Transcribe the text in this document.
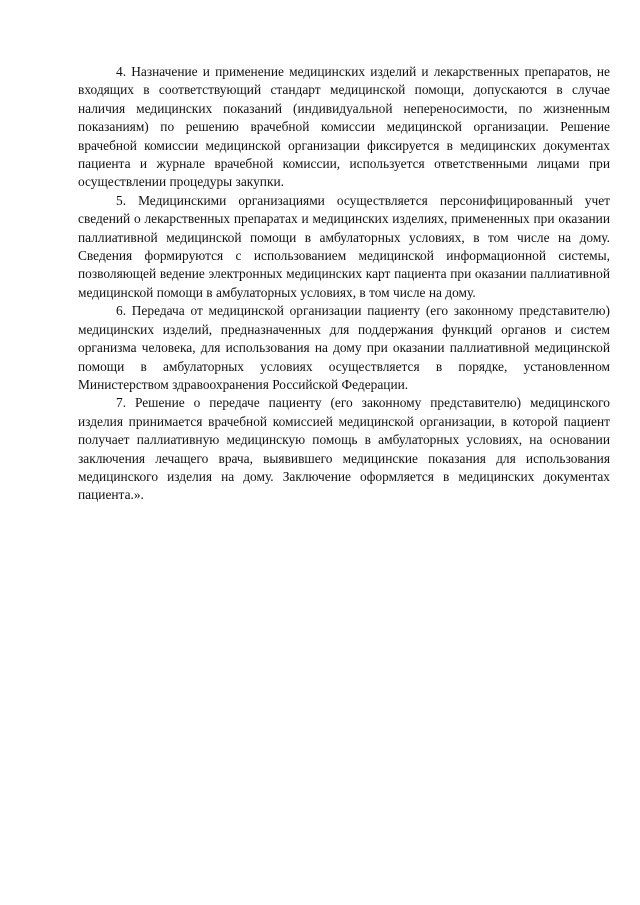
4. Назначение и применение медицинских изделий и лекарственных препаратов, не входящих в соответствующий стандарт медицинской помощи, допускаются в случае наличия медицинских показаний (индивидуальной непереносимости, по жизненным показаниям) по решению врачебной комиссии медицинской организации. Решение врачебной комиссии медицинской организации фиксируется в медицинских документах пациента и журнале врачебной комиссии, используется ответственными лицами при осуществлении процедуры закупки.

5. Медицинскими организациями осуществляется персонифицированный учет сведений о лекарственных препаратах и медицинских изделиях, примененных при оказании паллиативной медицинской помощи в амбулаторных условиях, в том числе на дому. Сведения формируются с использованием медицинской информационной системы, позволяющей ведение электронных медицинских карт пациента при оказании паллиативной медицинской помощи в амбулаторных условиях, в том числе на дому.

6. Передача от медицинской организации пациенту (его законному представителю) медицинских изделий, предназначенных для поддержания функций органов и систем организма человека, для использования на дому при оказании паллиативной медицинской помощи в амбулаторных условиях осуществляется в порядке, установленном Министерством здравоохранения Российской Федерации.

7. Решение о передаче пациенту (его законному представителю) медицинского изделия принимается врачебной комиссией медицинской организации, в которой пациент получает паллиативную медицинскую помощь в амбулаторных условиях, на основании заключения лечащего врача, выявившего медицинские показания для использования медицинского изделия на дому. Заключение оформляется в медицинских документах пациента.».
